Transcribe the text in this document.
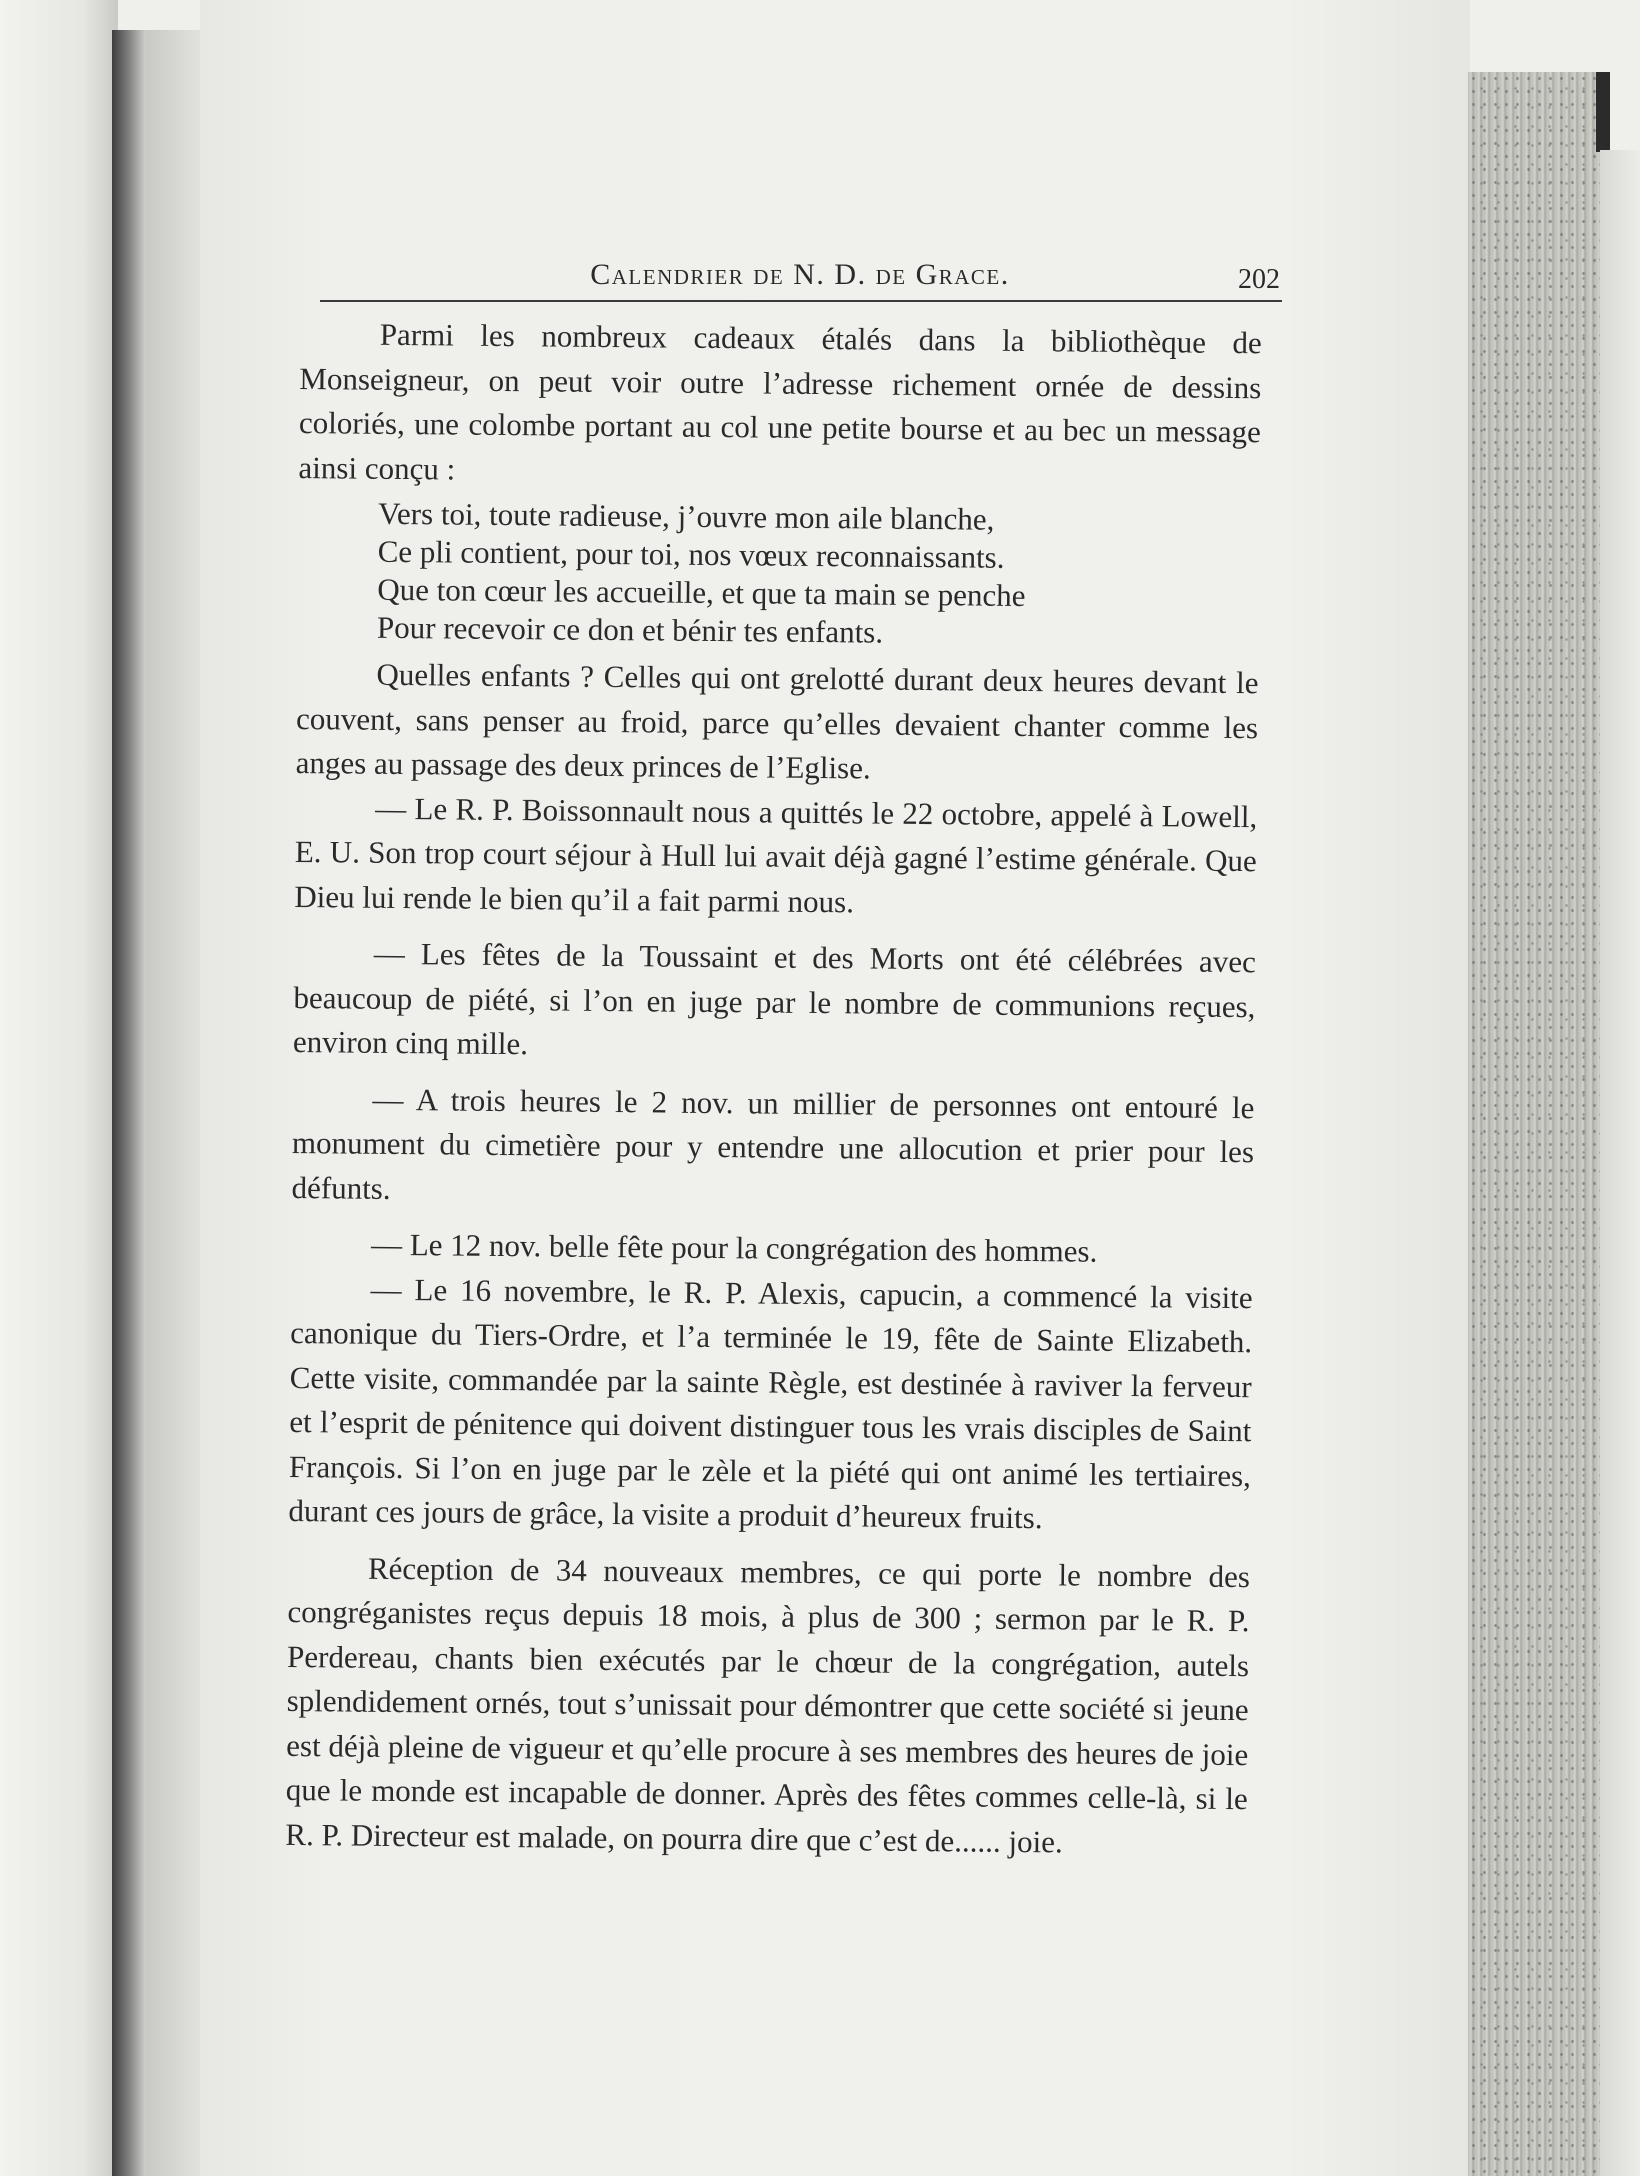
Calendrier de N. D. de Grace.	202

Parmi les nombreux cadeaux étalés dans la bibliothèque de Monseigneur, on peut voir outre l’adresse richement ornée de dessins coloriés, une colombe portant au col une petite bourse et au bec un message ainsi conçu :

Vers toi, toute radieuse, j’ouvre mon aile blanche,
Ce pli contient, pour toi, nos vœux reconnaissants.
Que ton cœur les accueille, et que ta main se penche
Pour recevoir ce don et bénir tes enfants.

Quelles enfants ? Celles qui ont grelotté durant deux heures devant le couvent, sans penser au froid, parce qu’elles devaient chanter comme les anges au passage des deux princes de l’Eglise.

— Le R. P. Boissonnault nous a quittés le 22 octobre, appelé à Lowell, E. U. Son trop court séjour à Hull lui avait déjà gagné l’estime générale. Que Dieu lui rende le bien qu’il a fait parmi nous.

— Les fêtes de la Toussaint et des Morts ont été célébrées avec beaucoup de piété, si l’on en juge par le nombre de communions reçues, environ cinq mille.

— A trois heures le 2 nov. un millier de personnes ont entouré le monument du cimetière pour y entendre une allocution et prier pour les défunts.

— Le 12 nov. belle fête pour la congrégation des hommes.

— Le 16 novembre, le R. P. Alexis, capucin, a commencé la visite canonique du Tiers-Ordre, et l’a terminée le 19, fête de Sainte Elizabeth. Cette visite, commandée par la sainte Règle, est destinée à raviver la ferveur et l’esprit de pénitence qui doivent distinguer tous les vrais disciples de Saint François. Si l’on en juge par le zèle et la piété qui ont animé les tertiaires, durant ces jours de grâce, la visite a produit d’heureux fruits.

Réception de 34 nouveaux membres, ce qui porte le nombre des congréganistes reçus depuis 18 mois, à plus de 300 ; sermon par le R. P. Perdereau, chants bien exécutés par le chœur de la congrégation, autels splendidement ornés, tout s’unissait pour démontrer que cette société si jeune est déjà pleine de vigueur et qu’elle procure à ses membres des heures de joie que le monde est incapable de donner. Après des fêtes commes celle-là, si le R. P. Directeur est malade, on pourra dire que c’est de...... joie.
